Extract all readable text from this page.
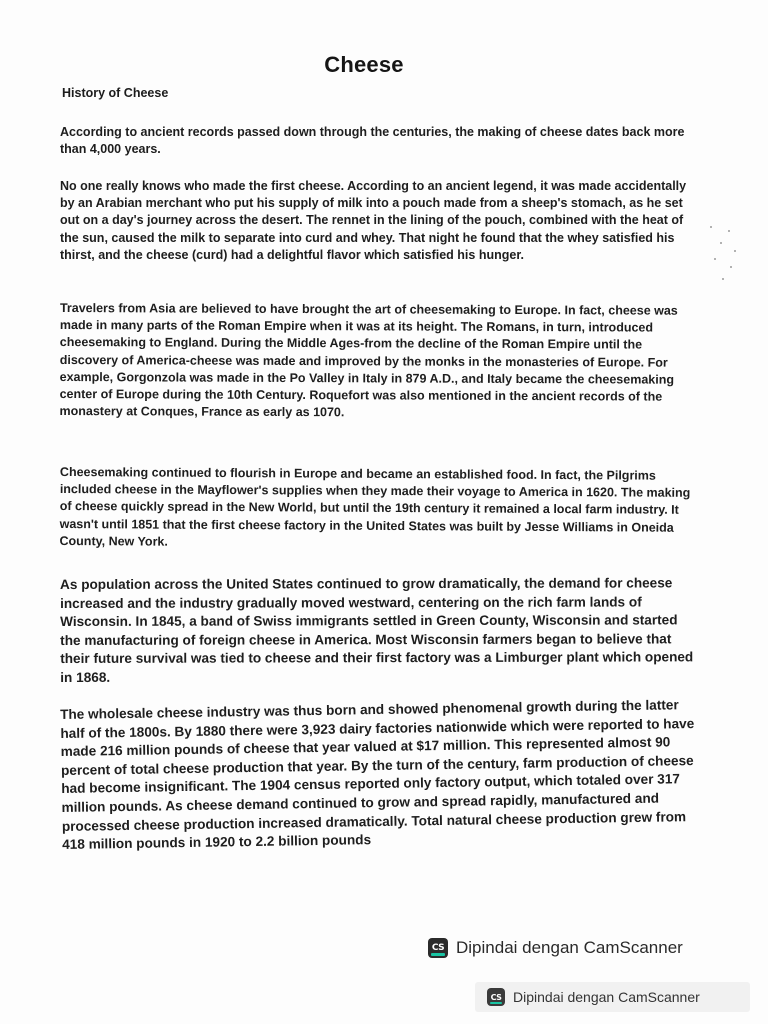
Cheese
History of Cheese

According to ancient records passed down through the centuries, the making of cheese dates back more than 4,000 years.

No one really knows who made the first cheese. According to an ancient legend, it was made accidentally by an Arabian merchant who put his supply of milk into a pouch made from a sheep's stomach, as he set out on a day's journey across the desert. The rennet in the lining of the pouch, combined with the heat of the sun, caused the milk to separate into curd and whey. That night he found that the whey satisfied his thirst, and the cheese (curd) had a delightful flavor which satisfied his hunger.

Travelers from Asia are believed to have brought the art of cheesemaking to Europe. In fact, cheese was made in many parts of the Roman Empire when it was at its height. The Romans, in turn, introduced cheesemaking to England. During the Middle Ages-from the decline of the Roman Empire until the discovery of America-cheese was made and improved by the monks in the monasteries of Europe. For example, Gorgonzola was made in the Po Valley in Italy in 879 A.D., and Italy became the cheesemaking center of Europe during the 10th Century. Roquefort was also mentioned in the ancient records of the monastery at Conques, France as early as 1070.

Cheesemaking continued to flourish in Europe and became an established food. In fact, the Pilgrims included cheese in the Mayflower's supplies when they made their voyage to America in 1620. The making of cheese quickly spread in the New World, but until the 19th century it remained a local farm industry. It wasn't until 1851 that the first cheese factory in the United States was built by Jesse Williams in Oneida County, New York.

As population across the United States continued to grow dramatically, the demand for cheese increased and the industry gradually moved westward, centering on the rich farm lands of Wisconsin. In 1845, a band of Swiss immigrants settled in Green County, Wisconsin and started the manufacturing of foreign cheese in America. Most Wisconsin farmers began to believe that their future survival was tied to cheese and their first factory was a Limburger plant which opened in 1868.

The wholesale cheese industry was thus born and showed phenomenal growth during the latter half of the 1800s. By 1880 there were 3,923 dairy factories nationwide which were reported to have made 216 million pounds of cheese that year valued at $17 million. This represented almost 90 percent of total cheese production that year. By the turn of the century, farm production of cheese had become insignificant. The 1904 census reported only factory output, which totaled over 317 million pounds. As cheese demand continued to grow and spread rapidly, manufactured and processed cheese production increased dramatically. Total natural cheese production grew from 418 million pounds in 1920 to 2.2 billion pounds

CS Dipindai dengan CamScanner
CS Dipindai dengan CamScanner
